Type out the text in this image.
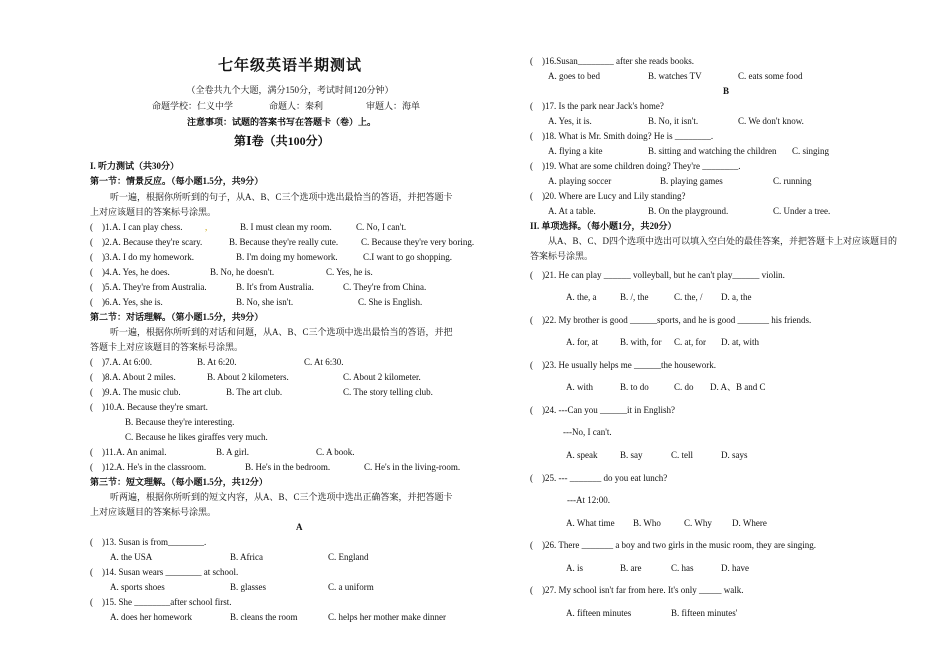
七年级英语半期测试
（全卷共九个大题，满分150分，考试时间120分钟）
命题学校：仁义中学	命题人：秦利	审题人：海单
注意事项：试题的答案书写在答题卡（卷）上。
第Ⅰ卷（共100分）
I. 听力测试（共30分）
第一节：情景反应。（每小题1.5分，共9分）
听一遍，根据你所听到的句子，从A、B、C三个选项中选出最恰当的答语，并把答题卡
上对应该题目的答案标号涂黑。
(　)1. A. I can play chess.	,	B. I must clean my room.	C. No, I can't.
(　)2. A. Because they're scary.	B. Because they're really cute.	C. Because they're very boring.
(　)3. A. I do my homework.	B. I'm doing my homework.	C.I want to go shopping.
(　)4. A. Yes, he does.	B. No, he doesn't.	C. Yes, he is.
(　)5. A. They're from Australia.	B. It's from Australia.	C. They're from China.
(　)6. A. Yes, she is.	B. No, she isn't.	C. She is English.
第二节：对话理解。（第小题1.5分，共9分）
听一遍，根据你所听到的对话和问题，从A、B、C三个选项中选出最恰当的答语，并把
答题卡上对应该题目的答案标号涂黑。
(　)7. A. At 6:00.	B. At 6:20.	C. At 6:30.
(　)8. A. About 2 miles.	B. About 2 kilometers.	C. About 2 kilometer.
(　)9. A. The music club.	B. The art club.	C. The story telling club.
(　)10. A. Because they're smart.
B. Because they're interesting.
C. Because he likes giraffes very much.
(　)11. A. An animal.	B. A girl.	C. A book.
(　)12. A. He's in the classroom.	B. He's in the bedroom.	C. He's in the living-room.
第三节：短文理解。（每小题1.5分，共12分）
听两遍，根据你所听到的短文内容，从A、B、C三个选项中选出正确答案，并把答题卡
上对应该题目的答案标号涂黑。
A
(　)13. Susan is from________.
A. the USA	B. Africa	C. England
(　)14. Susan wears ________ at school.
A. sports shoes	B. glasses	C. a uniform
(　)15. She ________after school first.
A. does her homework	B. cleans the room	C. helps her mother make dinner
(　)16.Susan________ after she reads books.
A. goes to bed	B. watches TV	C. eats some food
B
(　)17. Is the park near Jack's home?
A. Yes, it is.	B. No, it isn't.	C. We don't know.
(　)18. What is Mr. Smith doing? He is ________.
A. flying a kite	B. sitting and watching the children C. singing
(　)19. What are some children doing? They're ________.
A. playing soccer	B. playing games	C. running
(　)20. Where are Lucy and Lily standing?
A. At a table.	B. On the playground.	C. Under a tree.
II. 单项选择。（每小题1分，共20分）
从A、B、C、D四个选项中选出可以填入空白处的最佳答案，并把答题卡上对应该题目的
答案标号涂黑。
(　)21. He can play ______ volleyball, but he can't play______ violin.
A. the, a	B. /, the	C. the, / D. a, the
(　)22. My brother is good ______sports, and he is good _______ his friends.
A. for, at B. with, for C. at, for D. at, with
(　)23. He usually helps me ______the housework.
A. with	B. to do	C. do D. A、B and C
(　)24. ---Can you ______it in English?
---No, I can't.
A. speak	B. say	C. tell	D. says
(　)25. --- _______ do you eat lunch?
---At 12:00.
A. What time B. Who	C. Why D. Where
(　)26. There _______ a boy and two girls in the music room, they are singing.
A. is	B. are	C. has	D. have
(　)27. My school isn't far from here. It's only _____ walk.
A. fifteen minutes	B. fifteen minutes'
